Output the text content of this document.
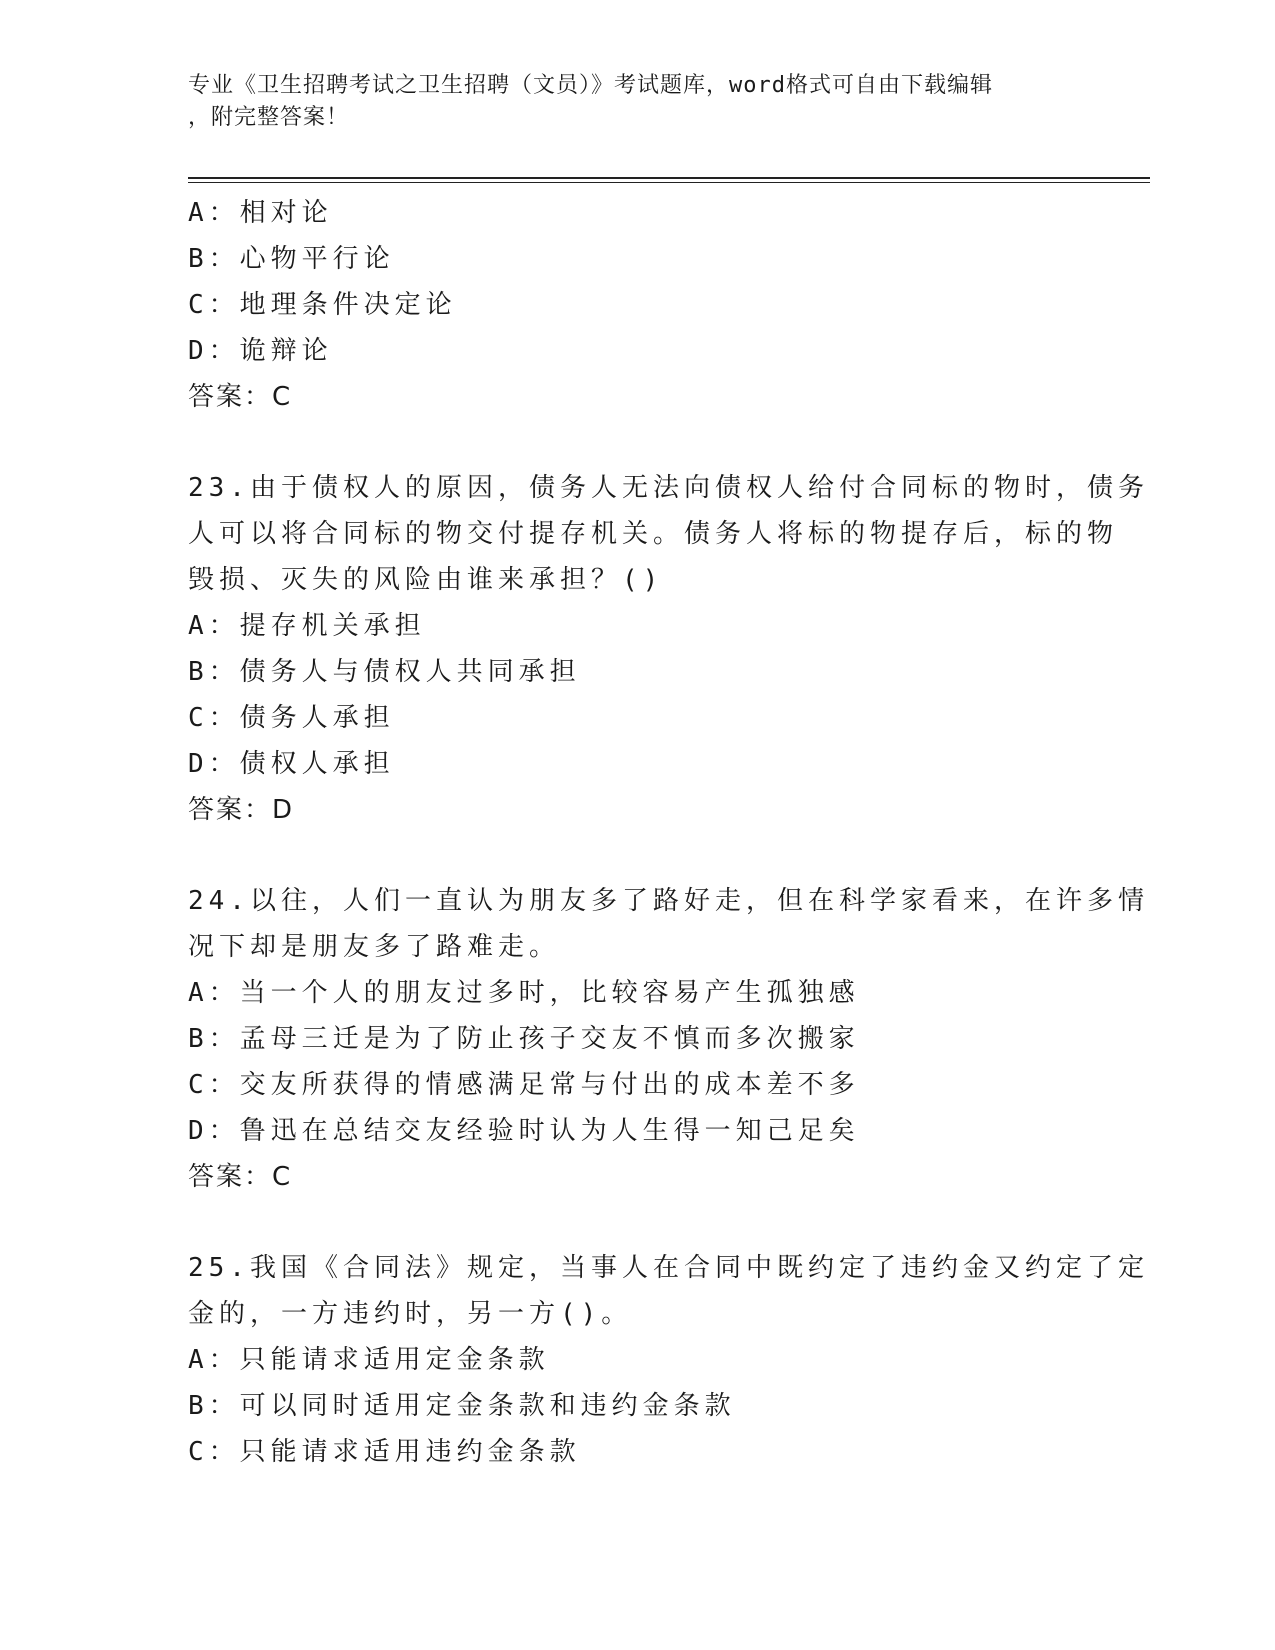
专业《卫生招聘考试之卫生招聘（文员）》考试题库，word格式可自由下载编辑
，附完整答案！
A：相对论
B：心物平行论
C：地理条件决定论
D：诡辩论
答案：C
23.由于债权人的原因，债务人无法向债权人给付合同标的物时，债务
人可以将合同标的物交付提存机关。债务人将标的物提存后，标的物
毁损、灭失的风险由谁来承担？()
A：提存机关承担
B：债务人与债权人共同承担
C：债务人承担
D：债权人承担
答案：D
24.以往，人们一直认为朋友多了路好走，但在科学家看来，在许多情
况下却是朋友多了路难走。
A：当一个人的朋友过多时，比较容易产生孤独感
B：孟母三迁是为了防止孩子交友不慎而多次搬家
C：交友所获得的情感满足常与付出的成本差不多
D：鲁迅在总结交友经验时认为人生得一知己足矣
答案：C
25.我国《合同法》规定，当事人在合同中既约定了违约金又约定了定
金的，一方违约时，另一方()。
A：只能请求适用定金条款
B：可以同时适用定金条款和违约金条款
C：只能请求适用违约金条款
